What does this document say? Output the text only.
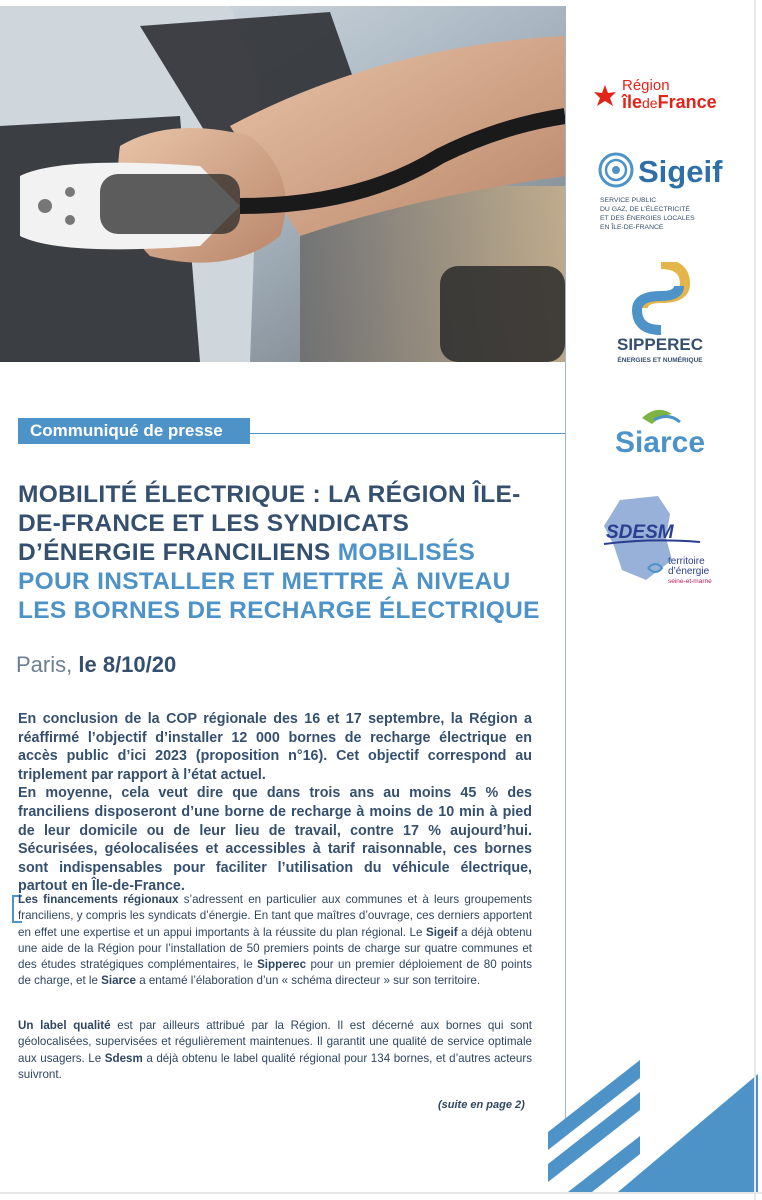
Région
îledeFrance
Sigeif
SERVICE PUBLIC
DU GAZ, DE L’ÉLECTRICITÉ
ET DES ÉNERGIES LOCALES
EN ÎLE-DE-FRANCE
SIPPEREC
ÉNERGIES ET NUMÉRIQUE
Siarce
SDESM
territoire
d’énergie
seine-et-marne
Communiqué de presse
MOBILITÉ ÉLECTRIQUE : LA RÉGION ÎLE-DE-FRANCE ET LES SYNDICATS D’ÉNERGIE FRANCILIENS MOBILISÉS POUR INSTALLER ET METTRE À NIVEAU LES BORNES DE RECHARGE ÉLECTRIQUE
Paris, le 8/10/20

En conclusion de la COP régionale des 16 et 17 septembre, la Région a réaffirmé l’objectif d’installer 12 000 bornes de recharge électrique en accès public d’ici 2023 (proposition n°16). Cet objectif correspond au triplement par rapport à l’état actuel.

En moyenne, cela veut dire que dans trois ans au moins 45 % des franciliens disposeront d’une borne de recharge à moins de 10 min à pied de leur domicile ou de leur lieu de travail, contre 17 % aujourd’hui. Sécurisées, géolocalisées et accessibles à tarif raisonnable, ces bornes sont indispensables pour faciliter l’utilisation du véhicule électrique, partout en Île-de-France.

Les financements régionaux s’adressent en particulier aux communes et à leurs groupements franciliens, y compris les syndicats d’énergie. En tant que maîtres d’ouvrage, ces derniers apportent en effet une expertise et un appui importants à la réussite du plan régional. Le Sigeif a déjà obtenu une aide de la Région pour l’installation de 50 premiers points de charge sur quatre communes et des études stratégiques complémentaires, le Sipperec pour un premier déploiement de 80 points de charge, et le Siarce a entamé l’élaboration d’un « schéma directeur » sur son territoire.
Un label qualité est par ailleurs attribué par la Région. Il est décerné aux bornes qui sont géolocalisées, supervisées et régulièrement maintenues. Il garantit une qualité de service optimale aux usagers. Le Sdesm a déjà obtenu le label qualité régional pour 134 bornes, et d’autres acteurs suivront.
(suite en page 2)
